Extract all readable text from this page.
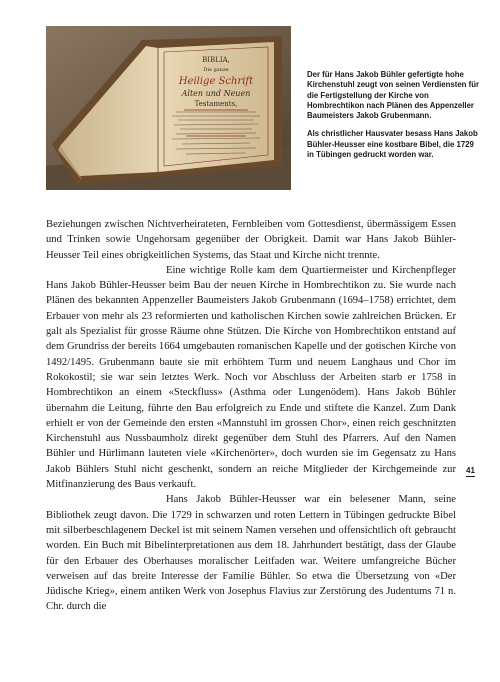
BIBLIA,
Die ganze
Heilige Schrift
Alten und Neuen
Testaments,

Der für Hans Jakob Bühler gefertigte hohe Kirchenstuhl zeugt von seinen Verdiensten für die Fertigstellung der Kirche von Hombrechtikon nach Plänen des Appenzeller Baumeisters Jakob Grubenmann.

Als christlicher Hausvater besass Hans Jakob Bühler-Heusser eine kostbare Bibel, die 1729 in Tübingen gedruckt worden war.

Beziehungen zwischen Nichtverheirateten, Fernbleiben vom Gottesdienst, übermässigem Essen und Trinken sowie Ungehorsam gegenüber der Obrigkeit. Damit war Hans Jakob Bühler-Heusser Teil eines obrigkeitlichen Systems, das Staat und Kirche nicht trennte.

Eine wichtige Rolle kam dem Quartiermeister und Kirchenpfleger Hans Jakob Bühler-Heusser beim Bau der neuen Kirche in Hombrechtikon zu. Sie wurde nach Plänen des bekannten Appenzeller Baumeisters Jakob Grubenmann (1694–1758) errichtet, dem Erbauer von mehr als 23 reformierten und katholischen Kirchen sowie zahlreichen Brücken. Er galt als Spezialist für grosse Räume ohne Stützen. Die Kirche von Hombrechtikon entstand auf dem Grundriss der bereits 1664 umgebauten romanischen Kapelle und der gotischen Kirche von 1492/1495. Grubenmann baute sie mit erhöhtem Turm und neuem Langhaus und Chor im Rokokostil; sie war sein letztes Werk. Noch vor Abschluss der Arbeiten starb er 1758 in Hombrechtikon an einem «Steckfluss» (Asthma oder Lungenödem). Hans Jakob Bühler übernahm die Leitung, führte den Bau erfolgreich zu Ende und stiftete die Kanzel. Zum Dank erhielt er von der Gemeinde den ersten «Mannstuhl im grossen Chor», einen reich geschnitzten Kirchenstuhl aus Nussbaumholz direkt gegenüber dem Stuhl des Pfarrers. Auf den Namen Bühler und Hürlimann lauteten viele «Kirchenörter», doch wurden sie im Gegensatz zu Hans Jakob Bühlers Stuhl nicht geschenkt, sondern an reiche Mitglieder der Kirchgemeinde zur Mitfinanzierung des Baus verkauft.

Hans Jakob Bühler-Heusser war ein belesener Mann, seine Bibliothek zeugt davon. Die 1729 in schwarzen und roten Lettern in Tübingen gedruckte Bibel mit silberbeschlagenem Deckel ist mit seinem Namen versehen und offensichtlich oft gebraucht worden. Ein Buch mit Bibelinterpretationen aus dem 18. Jahrhundert bestätigt, dass der Glaube für den Erbauer des Oberhauses moralischer Leitfaden war. Weitere umfangreiche Bücher verweisen auf das breite Interesse der Familie Bühler. So etwa die Übersetzung von «Der Jüdische Krieg», einem antiken Werk von Josephus Flavius zur Zerstörung des Judentums 71 n. Chr. durch die

41
